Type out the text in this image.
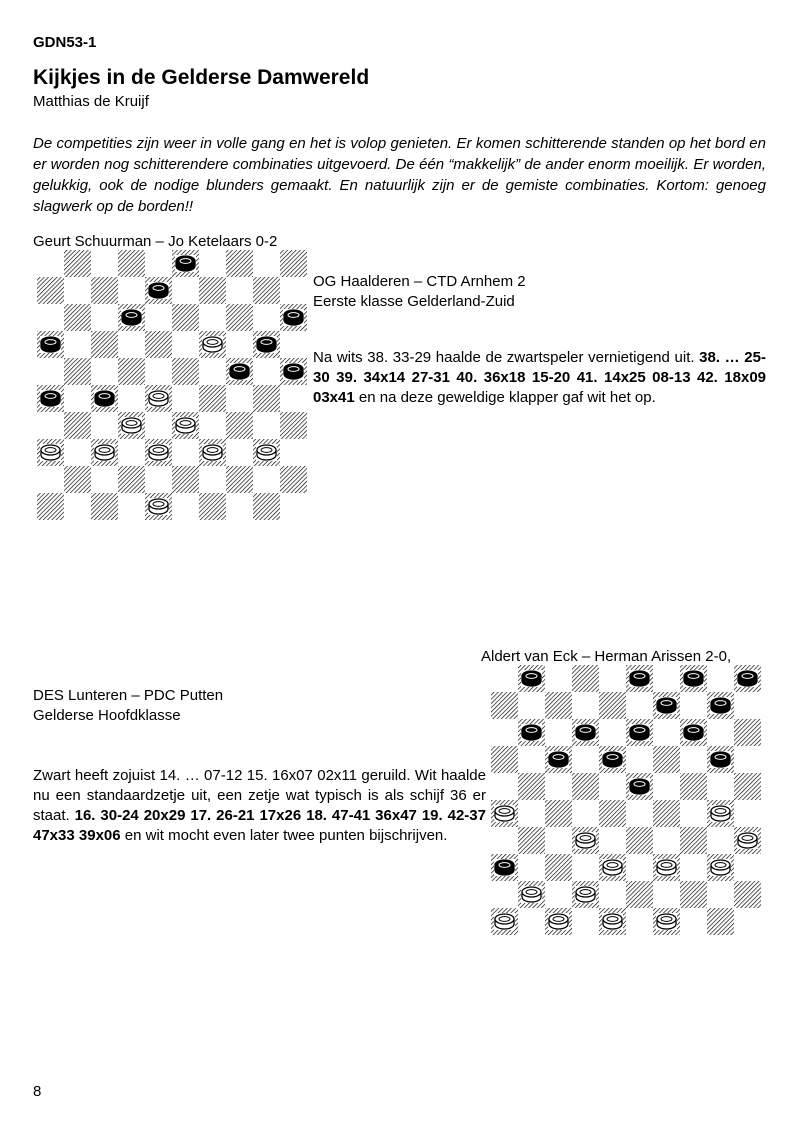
GDN53-1
Kijkjes in de Gelderse Damwereld
Matthias de Kruijf

De competities zijn weer in volle gang en het is volop genieten. Er komen schitterende standen op het bord en er worden nog schitterendere combinaties uitgevoerd. De één “makkelijk” de ander enorm moeilijk. Er worden, gelukkig, ook de nodige blunders gemaakt. En natuurlijk zijn er de gemiste combinaties. Kortom: genoeg slagwerk op de borden!!

Geurt Schuurman – Jo Ketelaars 0-2
OG Haalderen – CTD Arnhem 2
Eerste klasse Gelderland-Zuid

Na wits 38. 33-29 haalde de zwartspeler vernietigend uit. 38. … 25-30 39. 34x14 27-31 40. 36x18 15-20 41. 14x25 08-13 42. 18x09 03x41 en na deze geweldige klapper gaf wit het op.

Aldert van Eck – Herman Arissen 2-0,
DES Lunteren – PDC Putten
Gelderse Hoofdklasse

Zwart heeft zojuist 14. … 07-12 15. 16x07 02x11 geruild. Wit haalde nu een standaardzetje uit, een zetje wat typisch is als schijf 36 er staat. 16. 30-24 20x29 17. 26-21 17x26 18. 47-41 36x47 19. 42-37 47x33 39x06 en wit mocht even later twee punten bijschrijven.

8
